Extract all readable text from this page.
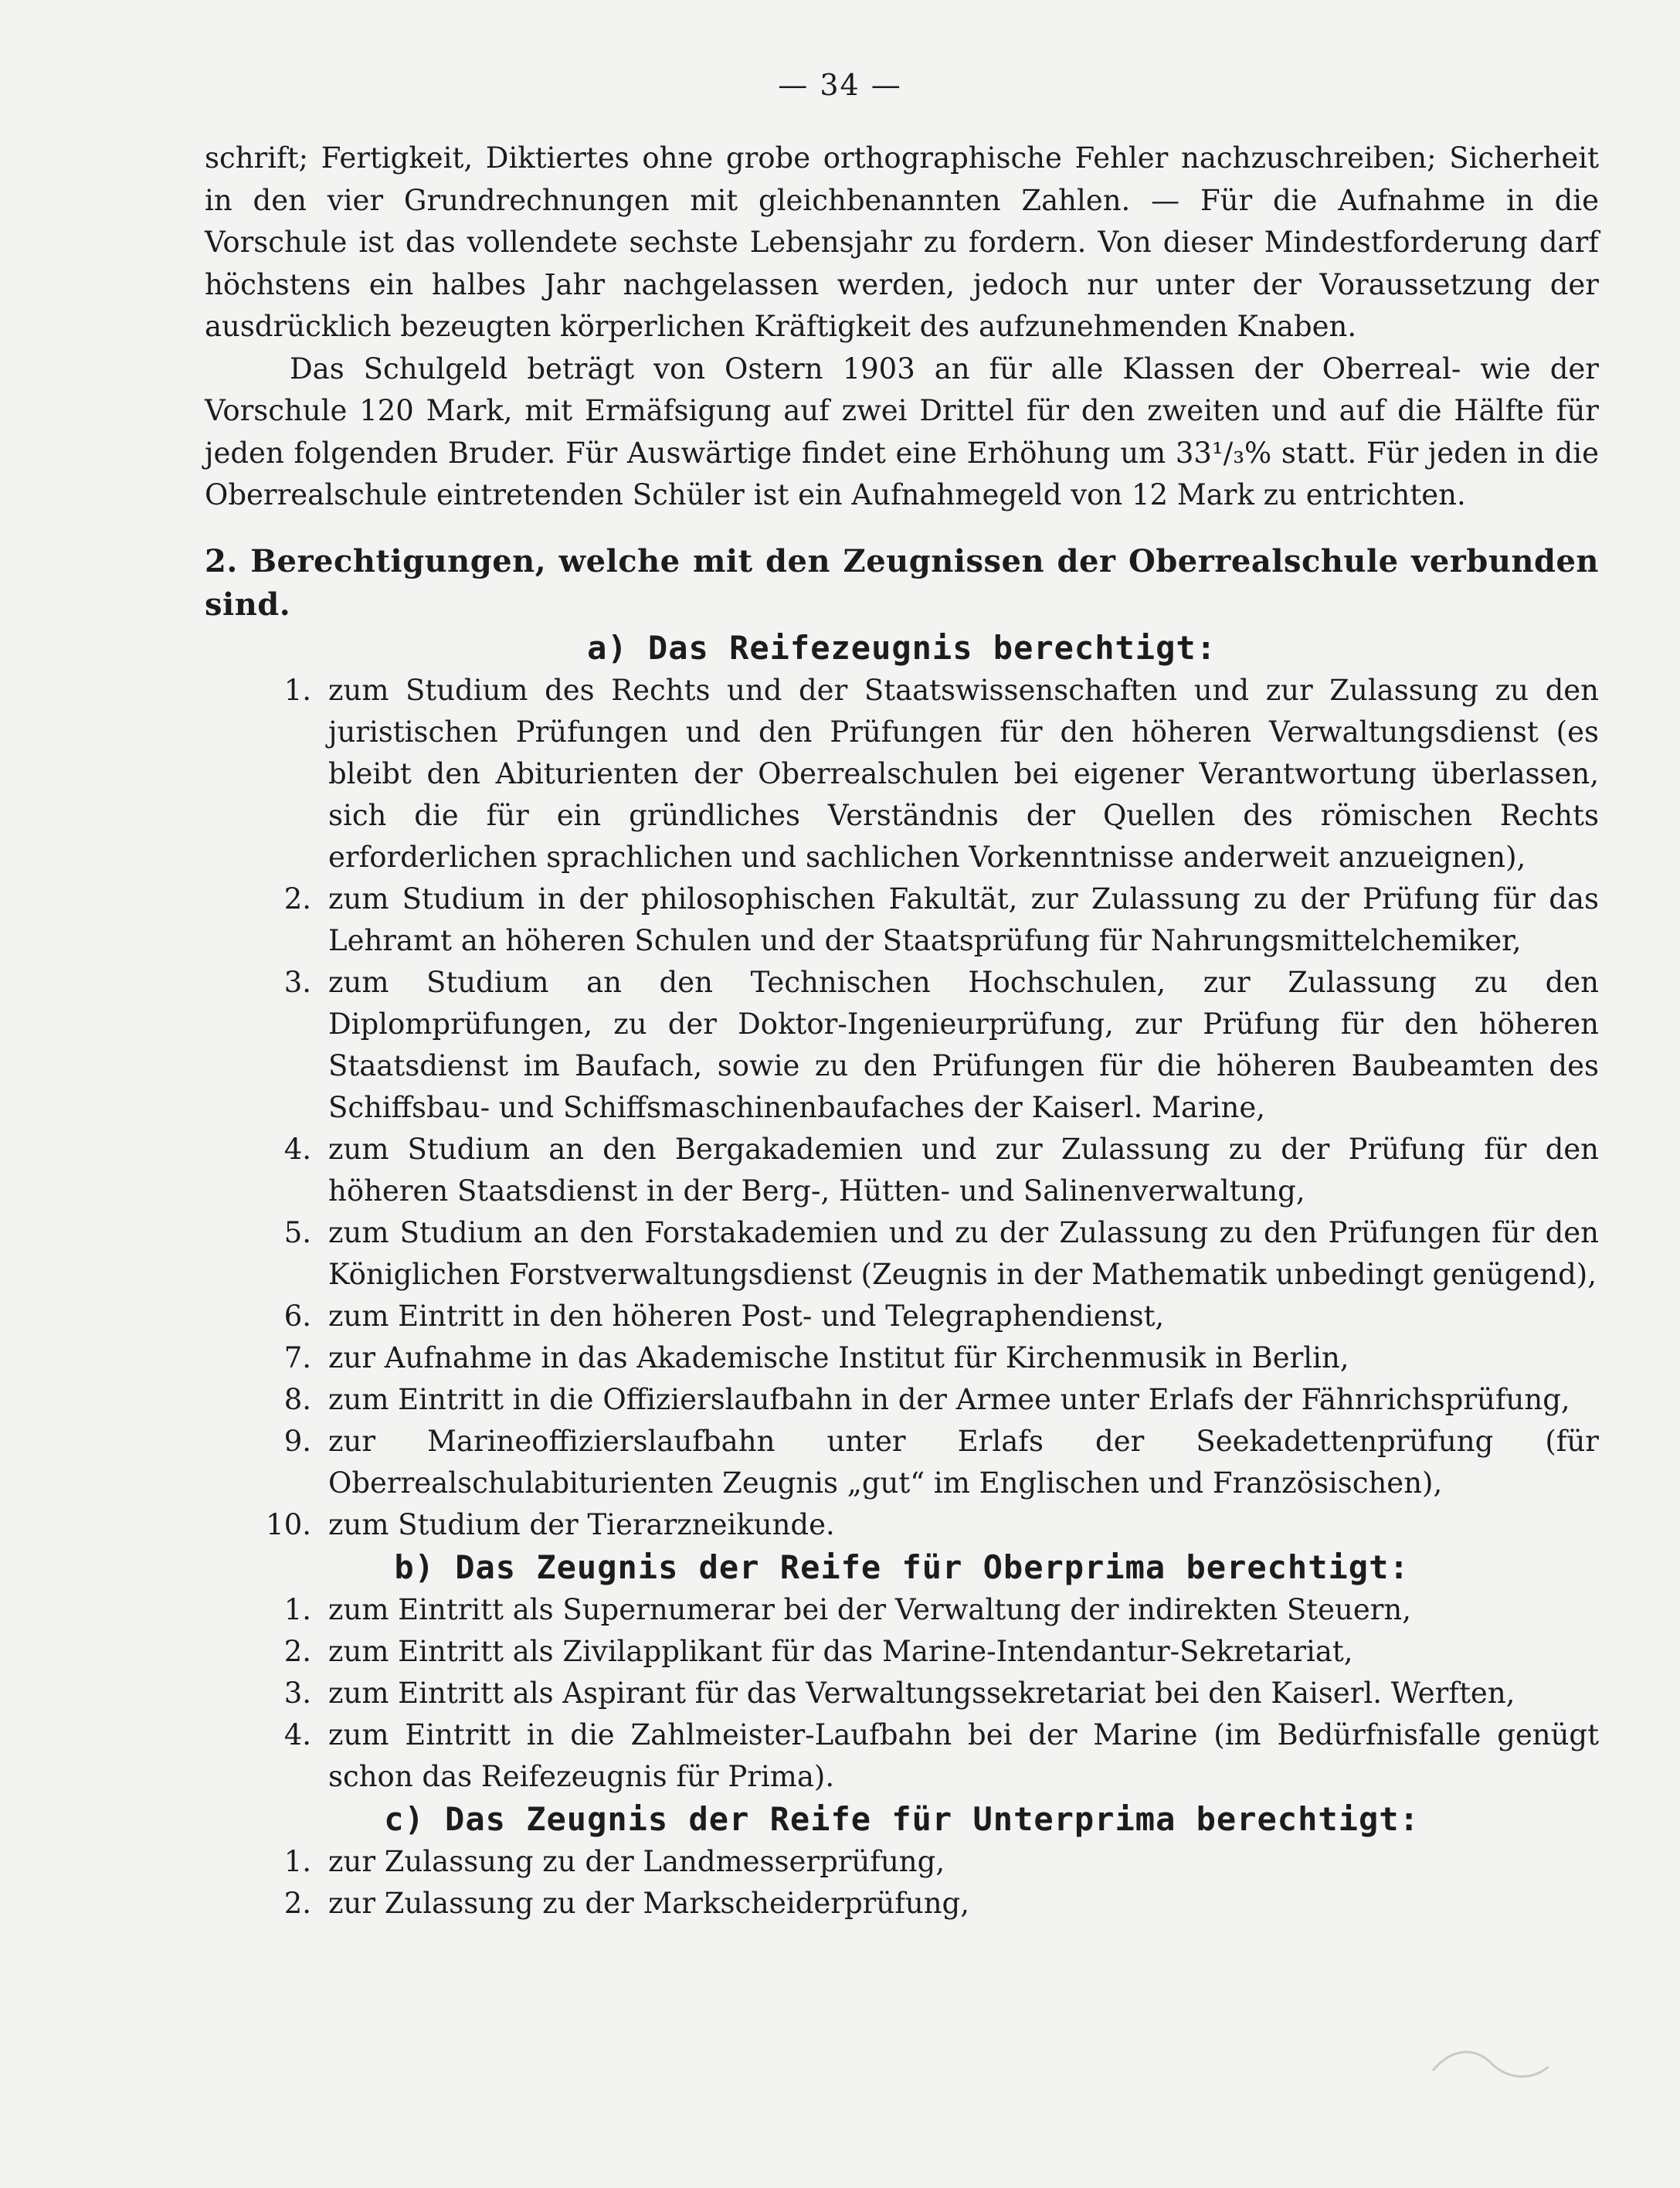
— 34 —

schrift; Fertigkeit, Diktiertes ohne grobe orthographische Fehler nachzuschreiben; Sicherheit in den vier Grundrechnungen mit gleichbenannten Zahlen. — Für die Aufnahme in die Vorschule ist das vollendete sechste Lebensjahr zu fordern. Von dieser Mindestforderung darf höchstens ein halbes Jahr nachgelassen werden, jedoch nur unter der Voraussetzung der ausdrücklich bezeugten körperlichen Kräftigkeit des aufzunehmenden Knaben.

Das Schulgeld beträgt von Ostern 1903 an für alle Klassen der Oberreal- wie der Vorschule 120 Mark, mit Ermäfsigung auf zwei Drittel für den zweiten und auf die Hälfte für jeden folgenden Bruder. Für Auswärtige findet eine Erhöhung um 33¹/₃% statt. Für jeden in die Oberrealschule eintretenden Schüler ist ein Aufnahmegeld von 12 Mark zu entrichten.

2. Berechtigungen, welche mit den Zeugnissen der Oberrealschule verbunden sind.

a) Das Reifezeugnis berechtigt:

1. zum Studium des Rechts und der Staatswissenschaften und zur Zulassung zu den juristischen Prüfungen und den Prüfungen für den höheren Verwaltungsdienst (es bleibt den Abiturienten der Oberrealschulen bei eigener Verantwortung überlassen, sich die für ein gründliches Verständnis der Quellen des römischen Rechts erforderlichen sprachlichen und sachlichen Vorkenntnisse anderweit anzueignen),
2. zum Studium in der philosophischen Fakultät, zur Zulassung zu der Prüfung für das Lehramt an höheren Schulen und der Staatsprüfung für Nahrungsmittelchemiker,
3. zum Studium an den Technischen Hochschulen, zur Zulassung zu den Diplomprüfungen, zu der Doktor-Ingenieurprüfung, zur Prüfung für den höheren Staatsdienst im Baufach, sowie zu den Prüfungen für die höheren Baubeamten des Schiffsbau- und Schiffsmaschinenbaufaches der Kaiserl. Marine,
4. zum Studium an den Bergakademien und zur Zulassung zu der Prüfung für den höheren Staatsdienst in der Berg-, Hütten- und Salinenverwaltung,
5. zum Studium an den Forstakademien und zu der Zulassung zu den Prüfungen für den Königlichen Forstverwaltungsdienst (Zeugnis in der Mathematik unbedingt genügend),
6. zum Eintritt in den höheren Post- und Telegraphendienst,
7. zur Aufnahme in das Akademische Institut für Kirchenmusik in Berlin,
8. zum Eintritt in die Offizierslaufbahn in der Armee unter Erlafs der Fähnrichsprüfung,
9. zur Marineoffizierslaufbahn unter Erlafs der Seekadettenprüfung (für Oberrealschulabiturienten Zeugnis „gut“ im Englischen und Französischen),
10. zum Studium der Tierarzneikunde.

b) Das Zeugnis der Reife für Oberprima berechtigt:

1. zum Eintritt als Supernumerar bei der Verwaltung der indirekten Steuern,
2. zum Eintritt als Zivilapplikant für das Marine-Intendantur-Sekretariat,
3. zum Eintritt als Aspirant für das Verwaltungssekretariat bei den Kaiserl. Werften,
4. zum Eintritt in die Zahlmeister-Laufbahn bei der Marine (im Bedürfnisfalle genügt schon das Reifezeugnis für Prima).

c) Das Zeugnis der Reife für Unterprima berechtigt:

1. zur Zulassung zu der Landmesserprüfung,
2. zur Zulassung zu der Markscheiderprüfung,
